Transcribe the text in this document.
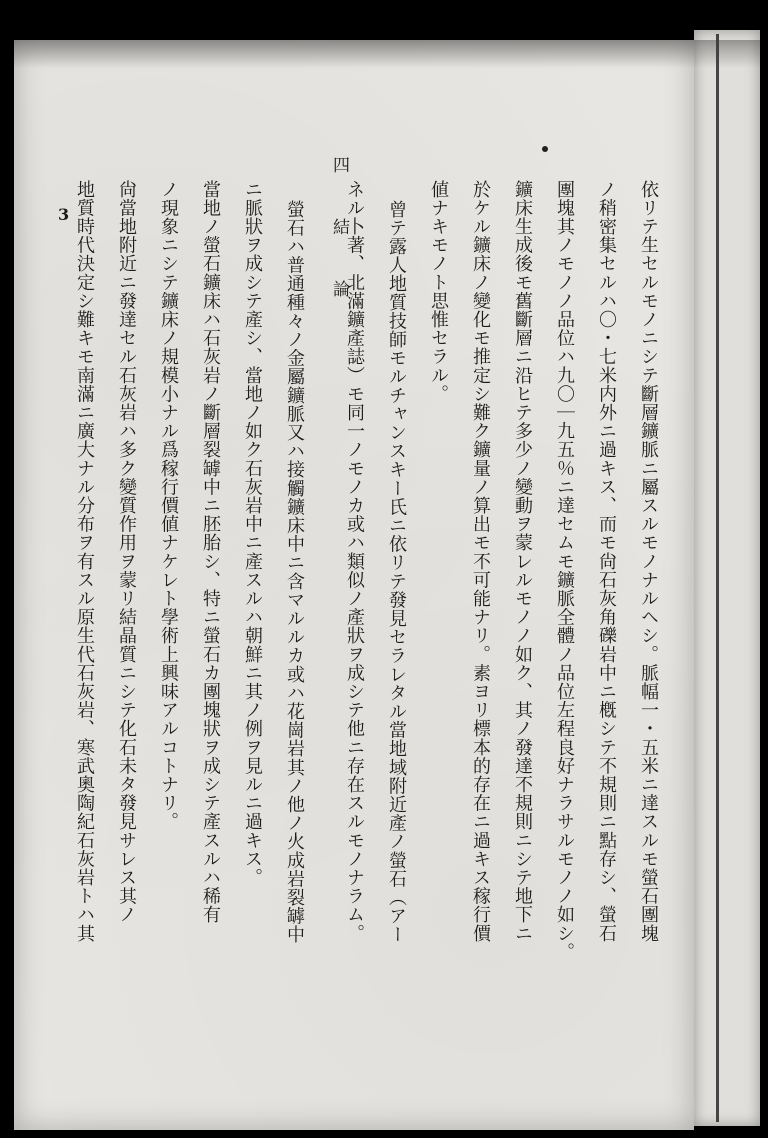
依リテ生セルモノニシテ斷層鑛脈ニ屬スルモノナルヘシ。脈幅一・五米ニ達スルモ螢石團塊
ノ稍密集セルハ〇・七米内外ニ過キス、而モ尙石灰角礫岩中ニ槪シテ不規則ニ點存シ、螢石
團塊其ノモノノ品位ハ九〇｜九五％ニ達セムモ鑛脈全體ノ品位左程良好ナラサルモノノ如シ。
鑛床生成後モ舊斷層ニ沿ヒテ多少ノ變動ヲ蒙レルモノノ如ク、其ノ發達不規則ニシテ地下ニ
於ケル鑛床ノ變化モ推定シ難ク鑛量ノ算出モ不可能ナリ。素ヨリ標本的存在ニ過キス稼行價
値ナキモノト思惟セラル。
曾テ露人地質技師モルチャンスキー氏ニ依リテ發見セラレタル當地域附近產ノ螢石（アー
ネル卜著、北滿鑛產誌）モ同一ノモノカ或ハ類似ノ產狀ヲ成シテ他ニ存在スルモノナラム。
四　結　論
螢石ハ普通種々ノ金屬鑛脈又ハ接觸鑛床中ニ含マルルカ或ハ花崗岩其ノ他ノ火成岩裂罅中
ニ脈狀ヲ成シテ產シ、當地ノ如ク石灰岩中ニ產スルハ朝鮮ニ其ノ例ヲ見ルニ過キス。
當地ノ螢石鑛床ハ石灰岩ノ斷層裂罅中ニ胚胎シ、特ニ螢石カ團塊狀ヲ成シテ產スルハ稀有
ノ現象ニシテ鑛床ノ規模小ナル爲稼行價値ナケレト學術上興味アルコトナリ。
尙當地附近ニ發達セル石灰岩ハ多ク變質作用ヲ蒙リ結晶質ニシテ化石未タ發見サレス其ノ
地質時代決定シ難キモ南滿ニ廣大ナル分布ヲ有スル原生代石灰岩、寒武奧陶紀石灰岩トハ其
3
